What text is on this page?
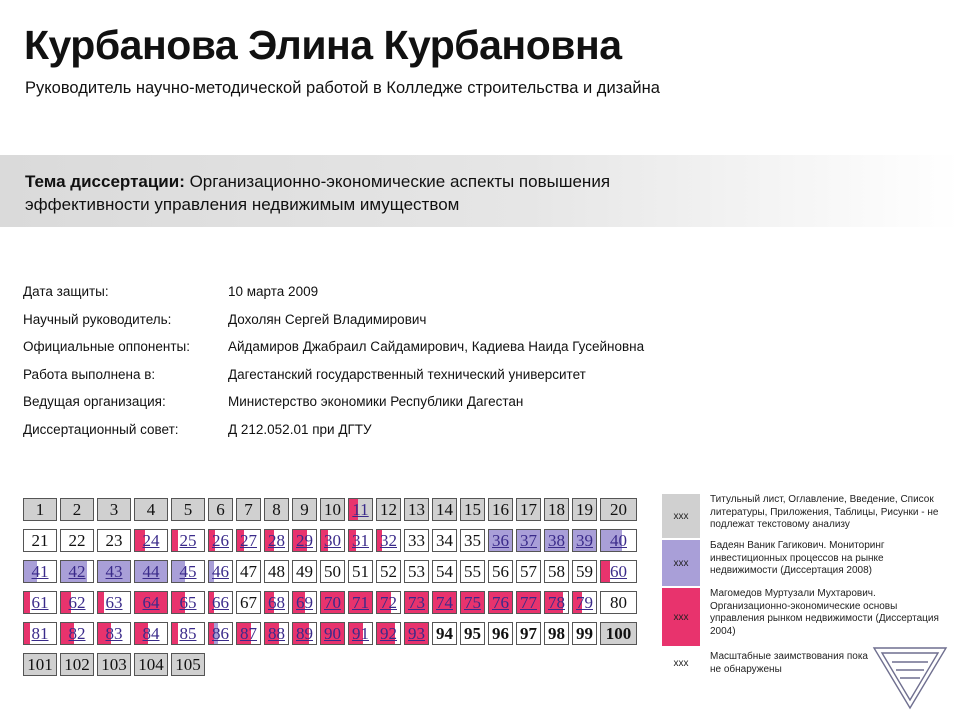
Курбанова Элина Курбановна

Руководитель научно-методической работой в Колледже строительства и дизайна

Тема диссертации: Организационно-экономические аспекты повышения эффективности управления недвижимым имуществом
Дата защиты:	10 марта 2009
Научный руководитель:	Дохолян Сергей Владимирович
Официальные оппоненты:	Айдамиров Джабраил Сайдамирович, Кадиева Наида Гусейновна
Работа выполнена в:	Дагестанский государственный технический университет
Ведущая организация:	Министерство экономики Республики Дагестан
Диссертационный совет:	Д 212.052.01 при ДГТУ
1	2	3	4	5	6	7	8	9 10 11 12 13 14 15 16 17 18 19	20
21	22	23	24	25 26 27 28 29 30 31 32 33 34 35 36 37 38 39	40
41	42	43	44	45 46 47 48 49 50 51 52 53 54 55 56 57 58 59	60
61	62	63	64	65 66 67 68 69 70 71 72 73 74 75 76 77 78 79	80
81	82	83	84	85 86 87 88 89 90 91 92 93 94 95 96 97 98 99 100
101 102 103 104 105
ххх
Титульный лист, Оглавление, Введение, Список литературы, Приложения, Таблицы, Рисунки - не подлежат текстовому анализу
ххх
Бадеян Ваник Гагикович. Мониторинг инвестиционных процессов на рынке недвижимости (Диссертация 2008)
ххх
Магомедов Муртузали Мухтарович. Организационно-экономические основы управления рынком недвижимости (Диссертация 2004)
ххх
Масштабные заимствования пока не обнаружены
